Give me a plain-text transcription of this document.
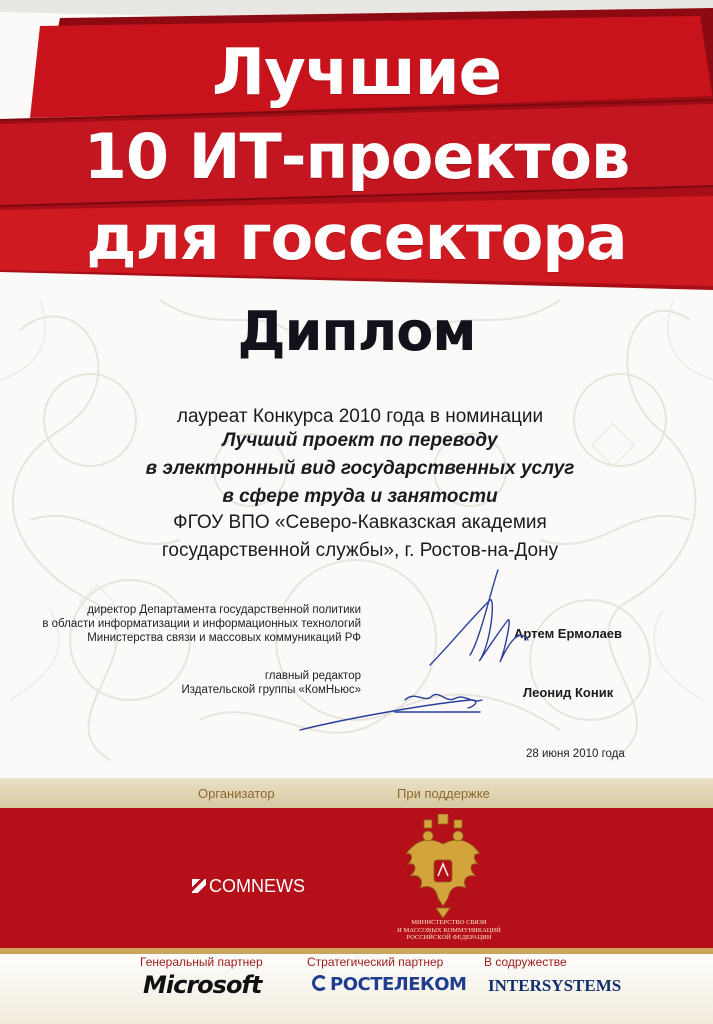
Лучшие
10 ИТ-проектов
для госсектора
Диплом
лауреат Конкурса 2010 года в номинации
Лучший проект по переводу
в электронный вид государственных услуг
в сфере труда и занятости
ФГОУ ВПО «Северо-Кавказская академия
государственной службы», г. Ростов-на-Дону
директор Департамента государственной политики
в области информатизации и информационных технологий
Министерства связи и массовых коммуникаций РФ	Артем Ермолаев
главный редактор
Издательской группы «КомНьюс»	Леонид Коник
28 июня 2010 года
Организатор	При поддержке
COMNEWS
МИНИСТЕРСТВО СВЯЗИ
И МАССОВЫХ КОММУНИКАЦИЙ
РОССИЙСКОЙ ФЕДЕРАЦИИ
Генеральный партнер	Стратегический партнер	В содружестве
Microsoft	РОСТЕЛЕКОМ INTERSYSTEMS
